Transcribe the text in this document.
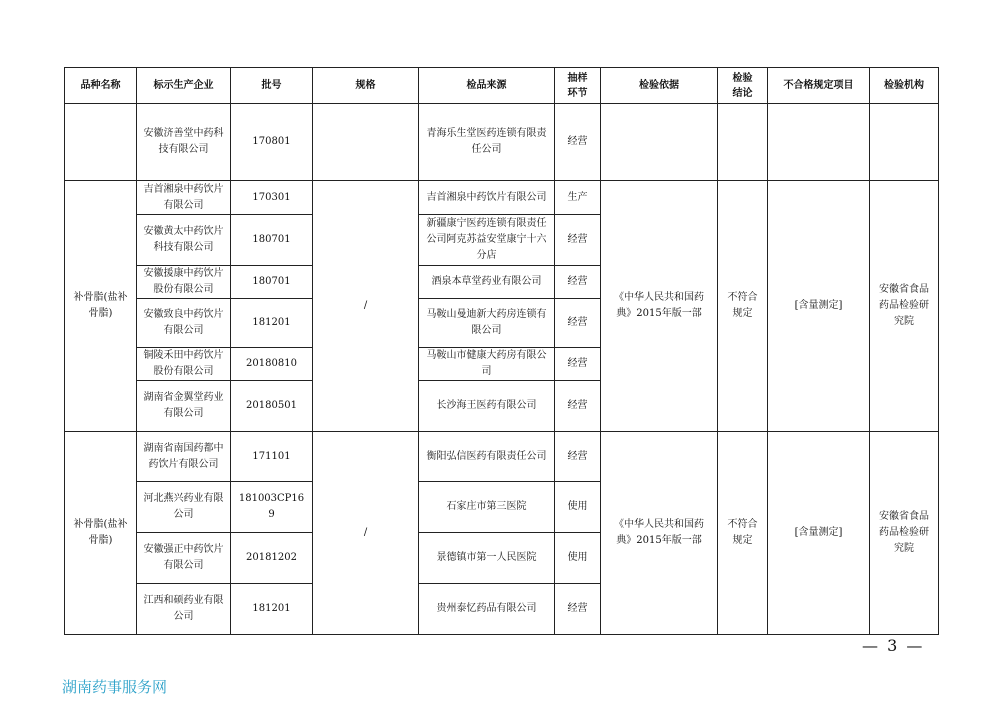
品种名称	标示生产企业	批号	规格	检品来源	抽样环节	检验依据	检验结论	不合格规定项目	检验机构
	安徽济善堂中药科技有限公司	170801		青海乐生堂医药连锁有限责任公司	经营				
补骨脂(盐补骨脂)	吉首湘泉中药饮片有限公司	170301	/	吉首湘泉中药饮片有限公司	生产	《中华人民共和国药典》2015年版一部	不符合规定	[含量测定]	安徽省食品药品检验研究院
	安徽黄太中药饮片科技有限公司	180701		新疆康宁医药连锁有限责任公司阿克苏益安堂康宁十六分店	经营				
	安徽援康中药饮片股份有限公司	180701		酒泉本草堂药业有限公司	经营				
	安徽致良中药饮片有限公司	181201		马鞍山曼迪新大药房连锁有限公司	经营				
	铜陵禾田中药饮片股份有限公司	20180810		马鞍山市健康大药房有限公司	经营				
	湖南省金翼堂药业有限公司	20180501		长沙海王医药有限公司	经营				
补骨脂(盐补骨脂)	湖南省南国药都中药饮片有限公司	171101	/	衡阳弘信医药有限责任公司	经营	《中华人民共和国药典》2015年版一部	不符合规定	[含量测定]	安徽省食品药品检验研究院
	河北燕兴药业有限公司	181003CP169		石家庄市第三医院	使用				
	安徽强正中药饮片有限公司	20181202		景德镇市第一人民医院	使用				
	江西和硕药业有限公司	181201		贵州泰忆药品有限公司	经营				
— 3 —
湖南药事服务网
